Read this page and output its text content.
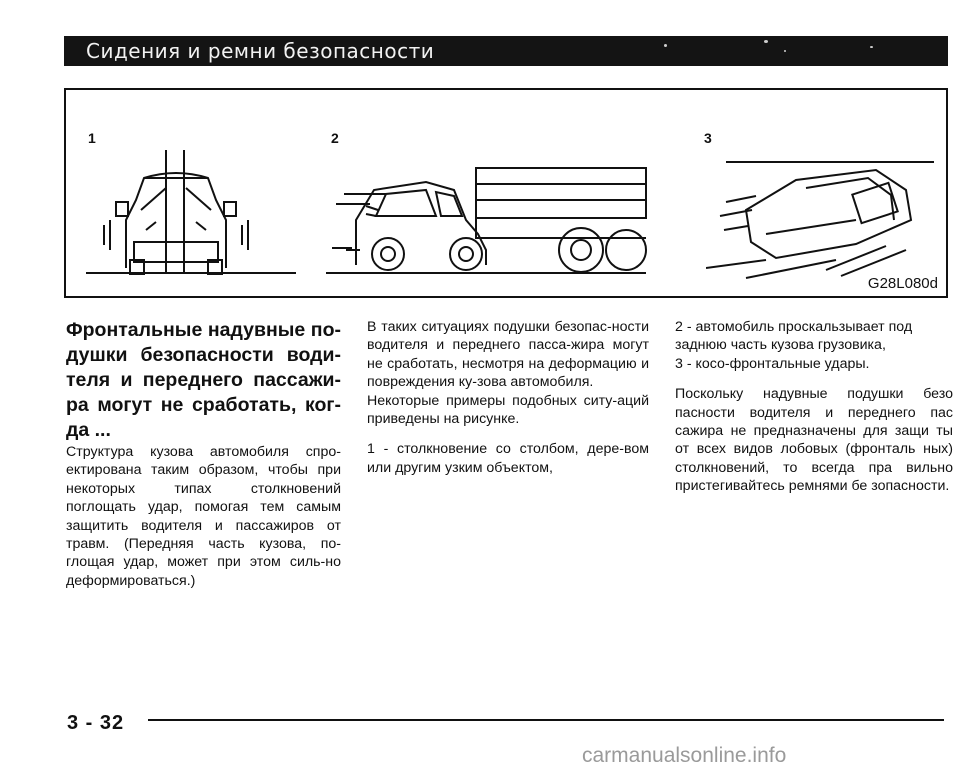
Сидения и ремни безопасности
1	2	3
G28L080d

Фронтальные надувные по-душки безопасности води-теля и переднего пассажи-ра могут не сработать, ког-да ...

Структура кузова автомобиля спро-ектирована таким образом, чтобы при некоторых типах столкновений поглощать удар, помогая тем самым защитить водителя и пассажиров от травм. (Передняя часть кузова, по-глощая удар, может при этом силь-но деформироваться.)

В таких ситуациях подушки безопас-ности водителя и переднего пасса-жира могут не сработать, несмотря на деформацию и повреждения ку-зова автомобиля.

Некоторые примеры подобных ситу-аций приведены на рисунке.

1 - столкновение со столбом, дере-вом или другим узким объектом,

2 - автомобиль проскальзывает под заднюю часть кузова грузовика,

3 - косо-фронтальные удары.

Поскольку надувные подушки безо пасности водителя и переднего пас сажира не предназначены для защи ты от всех видов лобовых (фронталь ных) столкновений, то всегда пра вильно пристегивайтесь ремнями бе зопасности.

3 - 32
carmanualsonline.info
